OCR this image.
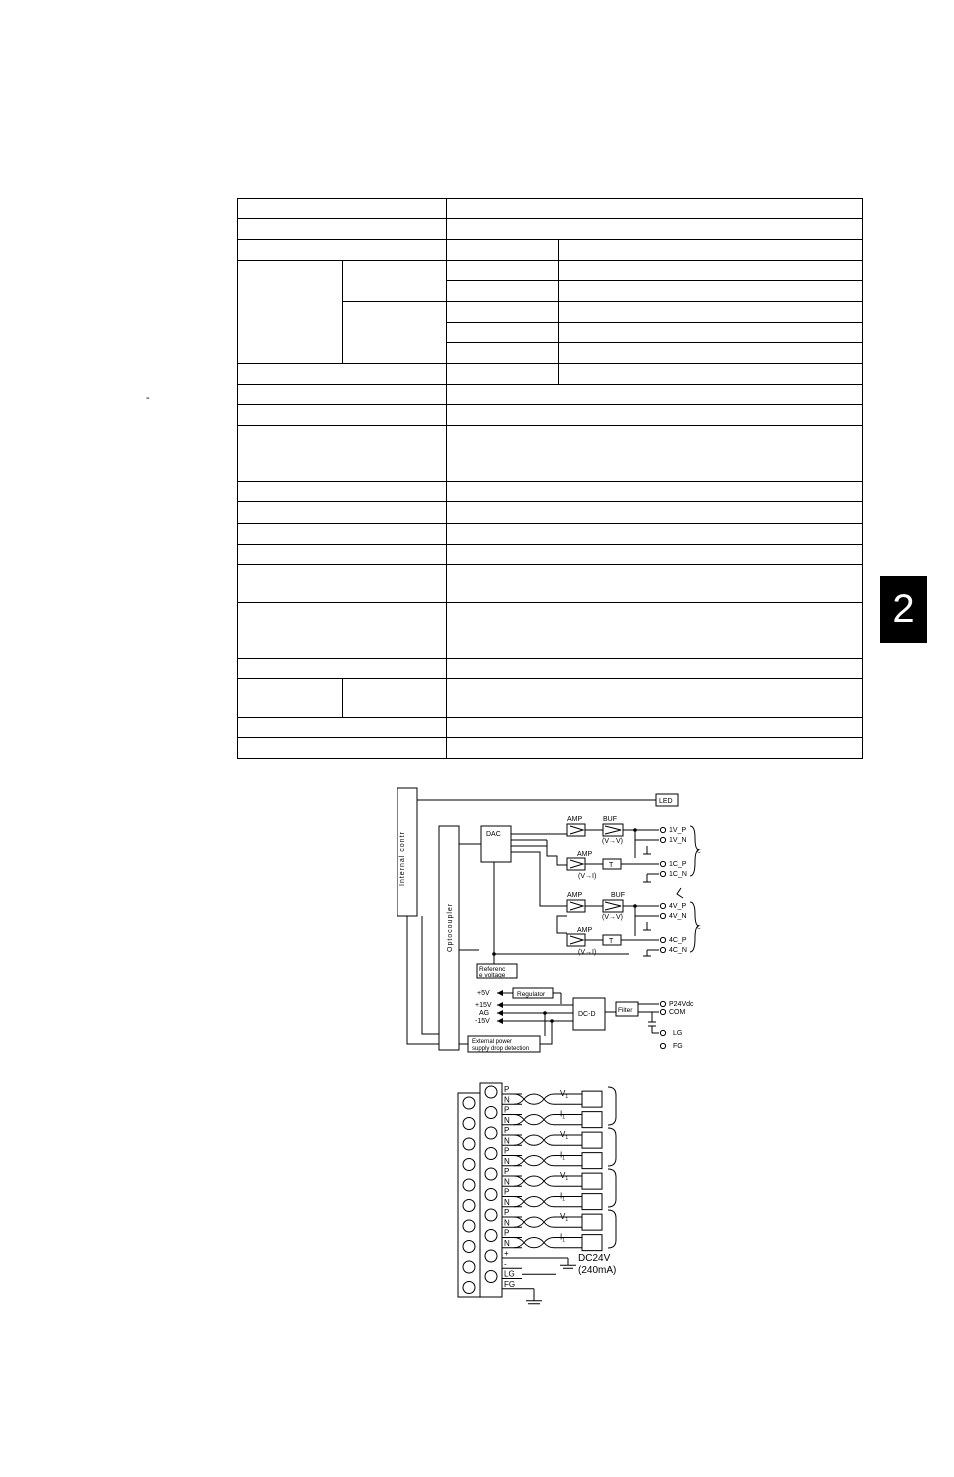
-

2
Internal contr
Optocoupler
LED
DAC
AMP	BUF
(V→V)
AMP
T
(V→I)
AMP	BUF
(V→V)
AMP
T
(V→I)
1V_P
1V_N
1C_P
1C_N
4V_P
4V_N
4C_P
4C_N
C
C
Referenc
e voltage
+5V	Regulator
+15V
AG
-15V
DC-D
Filter
P24Vdc
COM
LG
FG
External power
supply drop detection
P
N
P
N
P
N
P
N
P
N
P
N
P
N
P
N
+
-
LG
FG
$V_1$
$I_1$
$V_1$
$I_1$
$V_1$
$I_1$
$V_1$
$I_1$
DC24V
(240mA)
